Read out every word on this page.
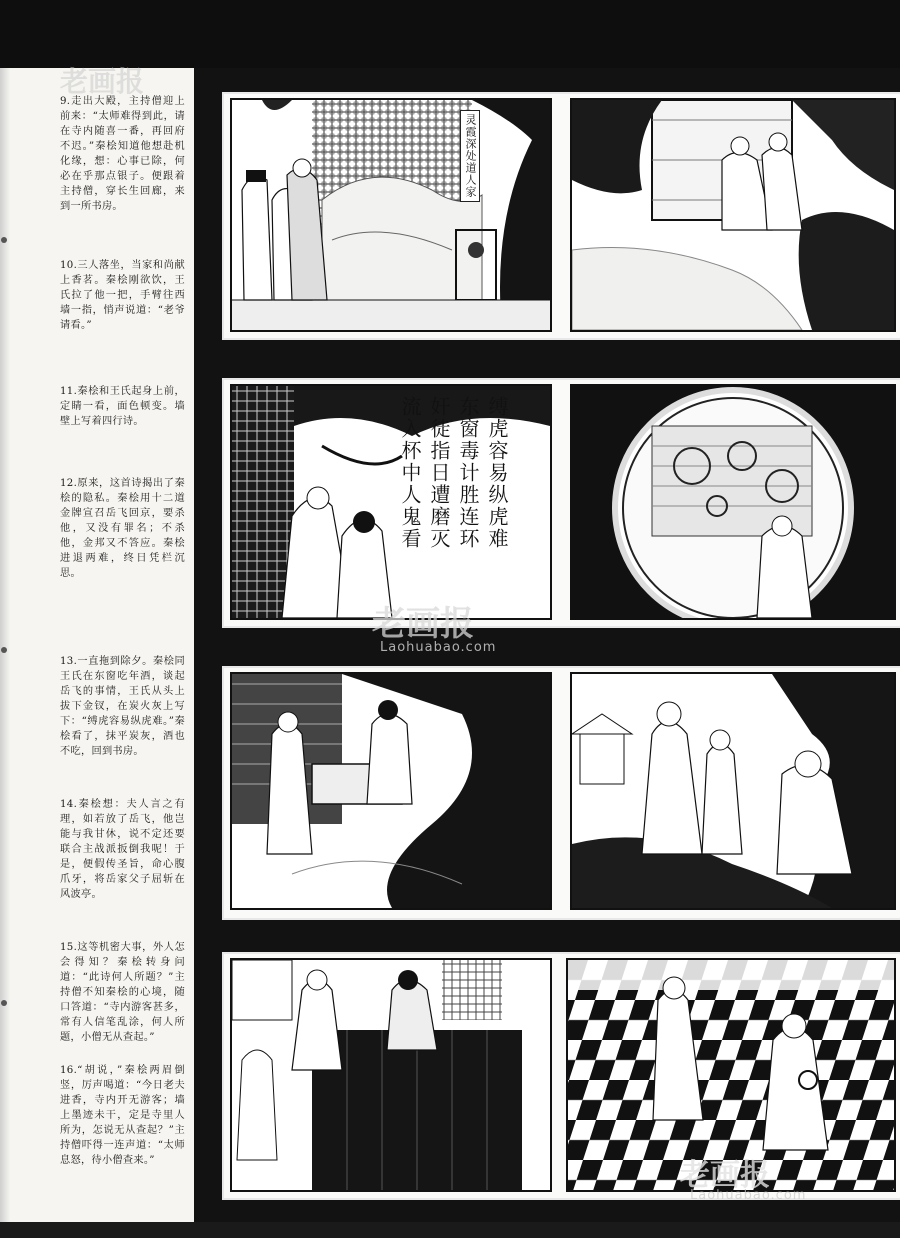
9.走出大殿，主持僧迎上前来：“太师难得到此，请在寺内随喜一番，再回府不迟。”秦桧知道他想赴机化缘，想：心事已除，何必在乎那点银子。便跟着主持僧，穿长生回廊，来到一所书房。

10.三人落坐，当家和尚献上香茗。秦桧刚欲饮，王氏拉了他一把，手臂往西墙一指，悄声说道：“老爷请看。”

11.秦桧和王氏起身上前，定睛一看，面色顿变。墙壁上写着四行诗。

12.原来，这首诗揭出了秦桧的隐私。秦桧用十二道金牌宣召岳飞回京，要杀他，又没有罪名；不杀他，金邦又不答应。秦桧进退两难，终日凭栏沉思。

13.一直拖到除夕。秦桧同王氏在东窗吃年酒，谈起岳飞的事情，王氏从头上拔下金钗，在炭火灰上写下：“缚虎容易纵虎难。”秦桧看了，抹平炭灰，酒也不吃，回到书房。

14.秦桧想：夫人言之有理，如若放了岳飞，他岂能与我甘休，说不定还要联合主战派扳倒我呢！于是，便假传圣旨，命心腹爪牙，将岳家父子屈斩在风波亭。

15.这等机密大事，外人怎会得知？秦桧转身问道：“此诗何人所题？”主持僧不知秦桧的心境，随口答道：“寺内游客甚多，常有人信笔乱涂，何人所题，小僧无从查起。”

16.“胡说，”秦桧两眉倒竖，厉声喝道：“今日老夫进香，寺内开无游客；墙上墨迹未干，定是寺里人所为，怎说无从查起？”主持僧吓得一连声道：“太师息怒，待小僧查来。”

灵霞深处道人家
缚虎容易纵虎难
东窗毒计胜连环
奸徒指日遭磨灭
流入杯中人鬼看
老画报
老画报
Laohuabao.com
老画报
Laohuabao.com
